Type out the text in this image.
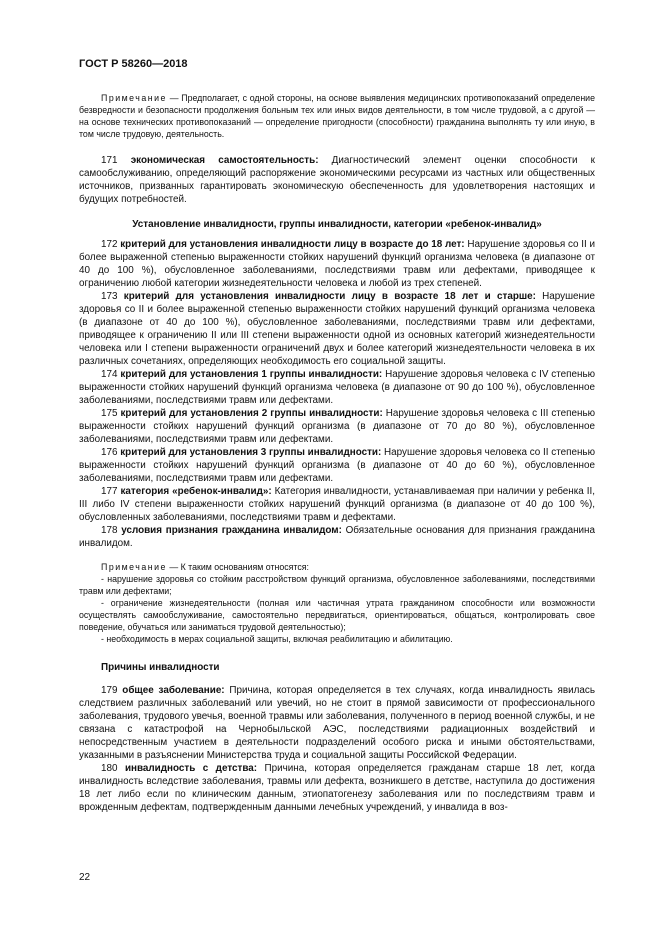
ГОСТ Р 58260—2018

Примечание — Предполагает, с одной стороны, на основе выявления медицинских противопоказаний определение безвредности и безопасности продолжения больным тех или иных видов деятельности, в том числе трудовой, а с другой — на основе технических противопоказаний — определение пригодности (способности) гражданина выполнять ту или иную, в том числе трудовую, деятельность.

171 экономическая самостоятельность: Диагностический элемент оценки способности к самообслуживанию, определяющий распоряжение экономическими ресурсами из частных или общественных источников, призванных гарантировать экономическую обеспеченность для удовлетворения настоящих и будущих потребностей.

Установление инвалидности, группы инвалидности, категории «ребенок-инвалид»

172 критерий для установления инвалидности лицу в возрасте до 18 лет: Нарушение здоровья со II и более выраженной степенью выраженности стойких нарушений функций организма человека (в диапазоне от 40 до 100 %), обусловленное заболеваниями, последствиями травм или дефектами, приводящее к ограничению любой категории жизнедеятельности человека и любой из трех степеней.

173 критерий для установления инвалидности лицу в возрасте 18 лет и старше: Нарушение здоровья со II и более выраженной степенью выраженности стойких нарушений функций организма человека (в диапазоне от 40 до 100 %), обусловленное заболеваниями, последствиями травм или дефектами, приводящее к ограничению II или III степени выраженности одной из основных категорий жизнедеятельности человека или I степени выраженности ограничений двух и более категорий жизнедеятельности человека в их различных сочетаниях, определяющих необходимость его социальной защиты.

174 критерий для установления 1 группы инвалидности: Нарушение здоровья человека с IV степенью выраженности стойких нарушений функций организма человека (в диапазоне от 90 до 100 %), обусловленное заболеваниями, последствиями травм или дефектами.

175 критерий для установления 2 группы инвалидности: Нарушение здоровья человека с III степенью выраженности стойких нарушений функций организма (в диапазоне от 70 до 80 %), обусловленное заболеваниями, последствиями травм или дефектами.

176 критерий для установления 3 группы инвалидности: Нарушение здоровья человека со II степенью выраженности стойких нарушений функций организма (в диапазоне от 40 до 60 %), обусловленное заболеваниями, последствиями травм или дефектами.

177 категория «ребенок-инвалид»: Категория инвалидности, устанавливаемая при наличии у ребенка II, III либо IV степени выраженности стойких нарушений функций организма (в диапазоне от 40 до 100 %), обусловленных заболеваниями, последствиями травм и дефектами.

178 условия признания гражданина инвалидом: Обязательные основания для признания гражданина инвалидом.

Примечание — К таким основаниям относятся:

- нарушение здоровья со стойким расстройством функций организма, обусловленное заболеваниями, последствиями травм или дефектами;

- ограничение жизнедеятельности (полная или частичная утрата гражданином способности или возможности осуществлять самообслуживание, самостоятельно передвигаться, ориентироваться, общаться, контролировать свое поведение, обучаться или заниматься трудовой деятельностью);

- необходимость в мерах социальной защиты, включая реабилитацию и абилитацию.

Причины инвалидности

179 общее заболевание: Причина, которая определяется в тех случаях, когда инвалидность явилась следствием различных заболеваний или увечий, но не стоит в прямой зависимости от профессионального заболевания, трудового увечья, военной травмы или заболевания, полученного в период военной службы, и не связана с катастрофой на Чернобыльской АЭС, последствиями радиационных воздействий и непосредственным участием в деятельности подразделений особого риска и иными обстоятельствами, указанными в разъяснении Министерства труда и социальной защиты Российской Федерации.

180 инвалидность с детства: Причина, которая определяется гражданам старше 18 лет, когда инвалидность вследствие заболевания, травмы или дефекта, возникшего в детстве, наступила до достижения 18 лет либо если по клиническим данным, этиопатогенезу заболевания или по последствиям травм и врожденным дефектам, подтвержденным данными лечебных учреждений, у инвалида в воз-

22
